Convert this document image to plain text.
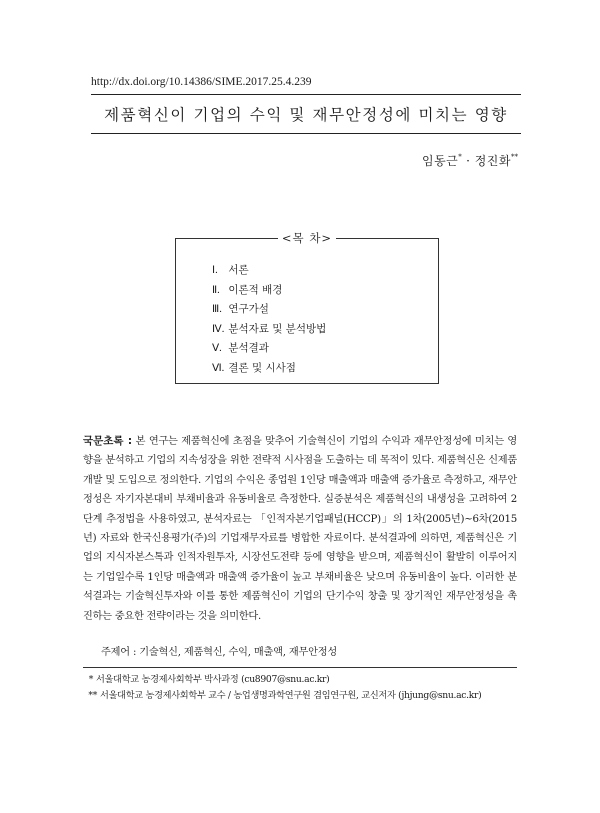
http://dx.doi.org/10.14386/SIME.2017.25.4.239
제품혁신이 기업의 수익 및 재무안정성에 미치는 영향
임동근* · 정진화**
<목 차>
Ⅰ. 서론
Ⅱ. 이론적 배경
Ⅲ. 연구가설
Ⅳ. 분석자료 및 분석방법
Ⅴ. 분석결과
Ⅵ. 결론 및 시사점
국문초록 : 본 연구는 제품혁신에 초점을 맞추어 기술혁신이 기업의 수익과 재무안정성에 미치는 영향을 분석하고 기업의 지속성장을 위한 전략적 시사점을 도출하는 데 목적이 있다. 제품혁신은 신제품개발 및 도입으로 정의한다. 기업의 수익은 종업원 1인당 매출액과 매출액 증가율로 측정하고, 재무안정성은 자기자본대비 부채비율과 유동비율로 측정한다. 실증분석은 제품혁신의 내생성을 고려하여 2단계 추정법을 사용하였고, 분석자료는 「인적자본기업패널(HCCP)」의 1차(2005년)~6차(2015년) 자료와 한국신용평가(주)의 기업재무자료를 병합한 자료이다. 분석결과에 의하면, 제품혁신은 기업의 지식자본스톡과 인적자원투자, 시장선도전략 등에 영향을 받으며, 제품혁신이 활발히 이루어지는 기업일수록 1인당 매출액과 매출액 증가율이 높고 부채비율은 낮으며 유동비율이 높다. 이러한 분석결과는 기술혁신투자와 이를 통한 제품혁신이 기업의 단기수익 창출 및 장기적인 재무안정성을 촉진하는 중요한 전략이라는 것을 의미한다.
주제어 : 기술혁신, 제품혁신, 수익, 매출액, 재무안정성
* 서울대학교 농경제사회학부 박사과정 (cu8907@snu.ac.kr)
** 서울대학교 농경제사회학부 교수 / 농업생명과학연구원 겸임연구원, 교신저자 (jhjung@snu.ac.kr)
